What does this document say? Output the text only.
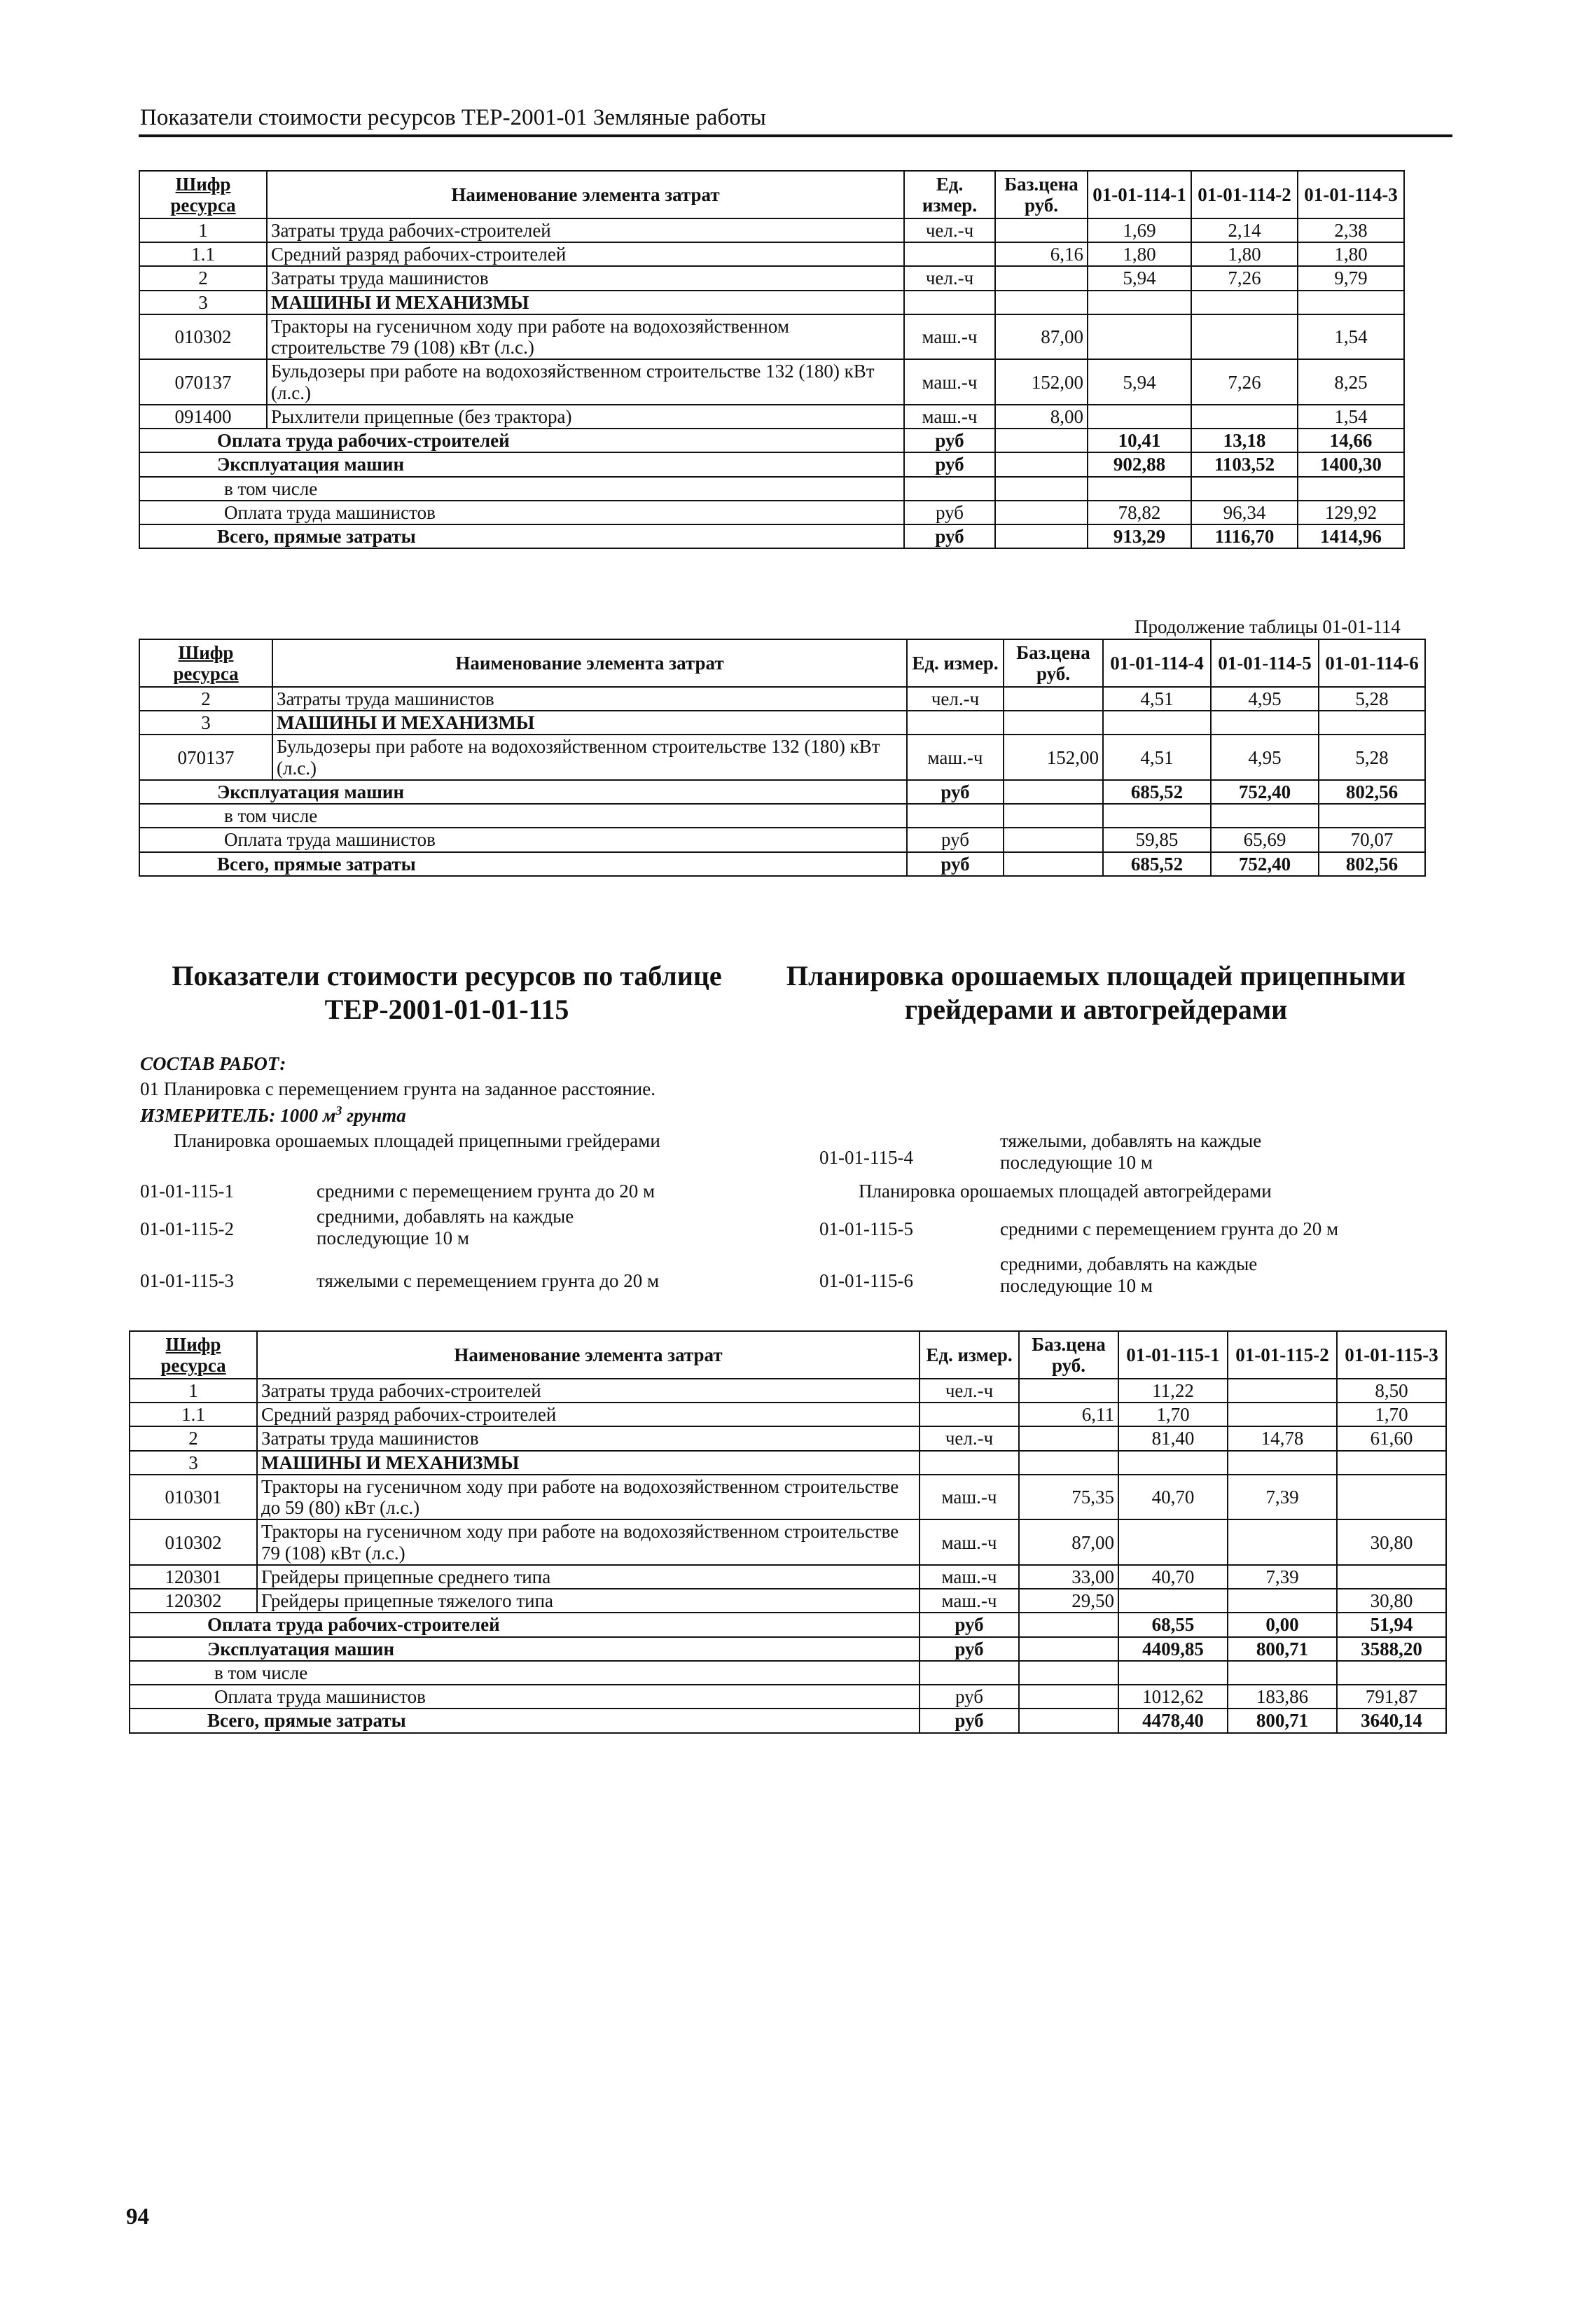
Показатели стоимости ресурсов ТЕР-2001-01 Земляные работы
Шифр ресурса	Наименование элемента затрат	Ед. измер.	Баз.цена руб.	01-01-114-1	01-01-114-2	01-01-114-3
1	Затраты труда рабочих-строителей	чел.-ч		1,69	2,14	2,38
1.1	Средний разряд рабочих-строителей		6,16	1,80	1,80	1,80
2	Затраты труда машинистов	чел.-ч		5,94	7,26	9,79
3	МАШИНЫ И МЕХАНИЗМЫ					
010302	Тракторы на гусеничном ходу при работе на водохозяйственном строительстве 79 (108) кВт (л.с.)	маш.-ч	87,00			1,54
070137	Бульдозеры при работе на водохозяйственном строительстве 132 (180) кВт (л.с.)	маш.-ч	152,00	5,94	7,26	8,25
091400	Рыхлители прицепные (без трактора)	маш.-ч	8,00			1,54
Оплата труда рабочих-строителей		руб		10,41	13,18	14,66
Эксплуатация машин		руб		902,88	1103,52	1400,30
в том числе						
Оплата труда машинистов		руб		78,82	96,34	129,92
Всего, прямые затраты		руб		913,29	1116,70	1414,96
Продолжение таблицы 01-01-114
Шифр ресурса	Наименование элемента затрат	Ед. измер.	Баз.цена руб.	01-01-114-4	01-01-114-5	01-01-114-6
2	Затраты труда машинистов	чел.-ч		4,51	4,95	5,28
3	МАШИНЫ И МЕХАНИЗМЫ					
070137	Бульдозеры при работе на водохозяйственном строительстве 132 (180) кВт (л.с.)	маш.-ч	152,00	4,51	4,95	5,28
Эксплуатация машин		руб		685,52	752,40	802,56
в том числе						
Оплата труда машинистов		руб		59,85	65,69	70,07
Всего, прямые затраты		руб		685,52	752,40	802,56
Показатели стоимости ресурсов по таблице
ТЕР-2001-01-01-115
Планировка орошаемых площадей прицепными
грейдерами и автогрейдерами
СОСТАВ РАБОТ:
01 Планировка с перемещением грунта на заданное расстояние.
ИЗМЕРИТЕЛЬ: 1000 $м^3$ грунта
Планировка орошаемых площадей прицепными грейдерами
01-01-115-1	средними с перемещением грунта до 20 м
01-01-115-2
средними, добавлять на каждые последующие 10 м
01-01-115-3	тяжелыми с перемещением грунта до 20 м
01-01-115-4
тяжелыми, добавлять на каждые последующие 10 м
Планировка орошаемых площадей автогрейдерами
01-01-115-5	средними с перемещением грунта до 20 м
01-01-115-6
средними, добавлять на каждые последующие 10 м
Шифр ресурса	Наименование элемента затрат	Ед. измер.	Баз.цена руб.	01-01-115-1	01-01-115-2	01-01-115-3
1	Затраты труда рабочих-строителей	чел.-ч		11,22		8,50
1.1	Средний разряд рабочих-строителей		6,11	1,70		1,70
2	Затраты труда машинистов	чел.-ч		81,40	14,78	61,60
3	МАШИНЫ И МЕХАНИЗМЫ					
010301	Тракторы на гусеничном ходу при работе на водохозяйственном строительстве до 59 (80) кВт (л.с.)	маш.-ч	75,35	40,70	7,39	
010302	Тракторы на гусеничном ходу при работе на водохозяйственном строительстве 79 (108) кВт (л.с.)	маш.-ч	87,00			30,80
120301	Грейдеры прицепные среднего типа	маш.-ч	33,00	40,70	7,39	
120302	Грейдеры прицепные тяжелого типа	маш.-ч	29,50			30,80
Оплата труда рабочих-строителей		руб		68,55	0,00	51,94
Эксплуатация машин		руб		4409,85	800,71	3588,20
в том числе						
Оплата труда машинистов		руб		1012,62	183,86	791,87
Всего, прямые затраты		руб		4478,40	800,71	3640,14
94
